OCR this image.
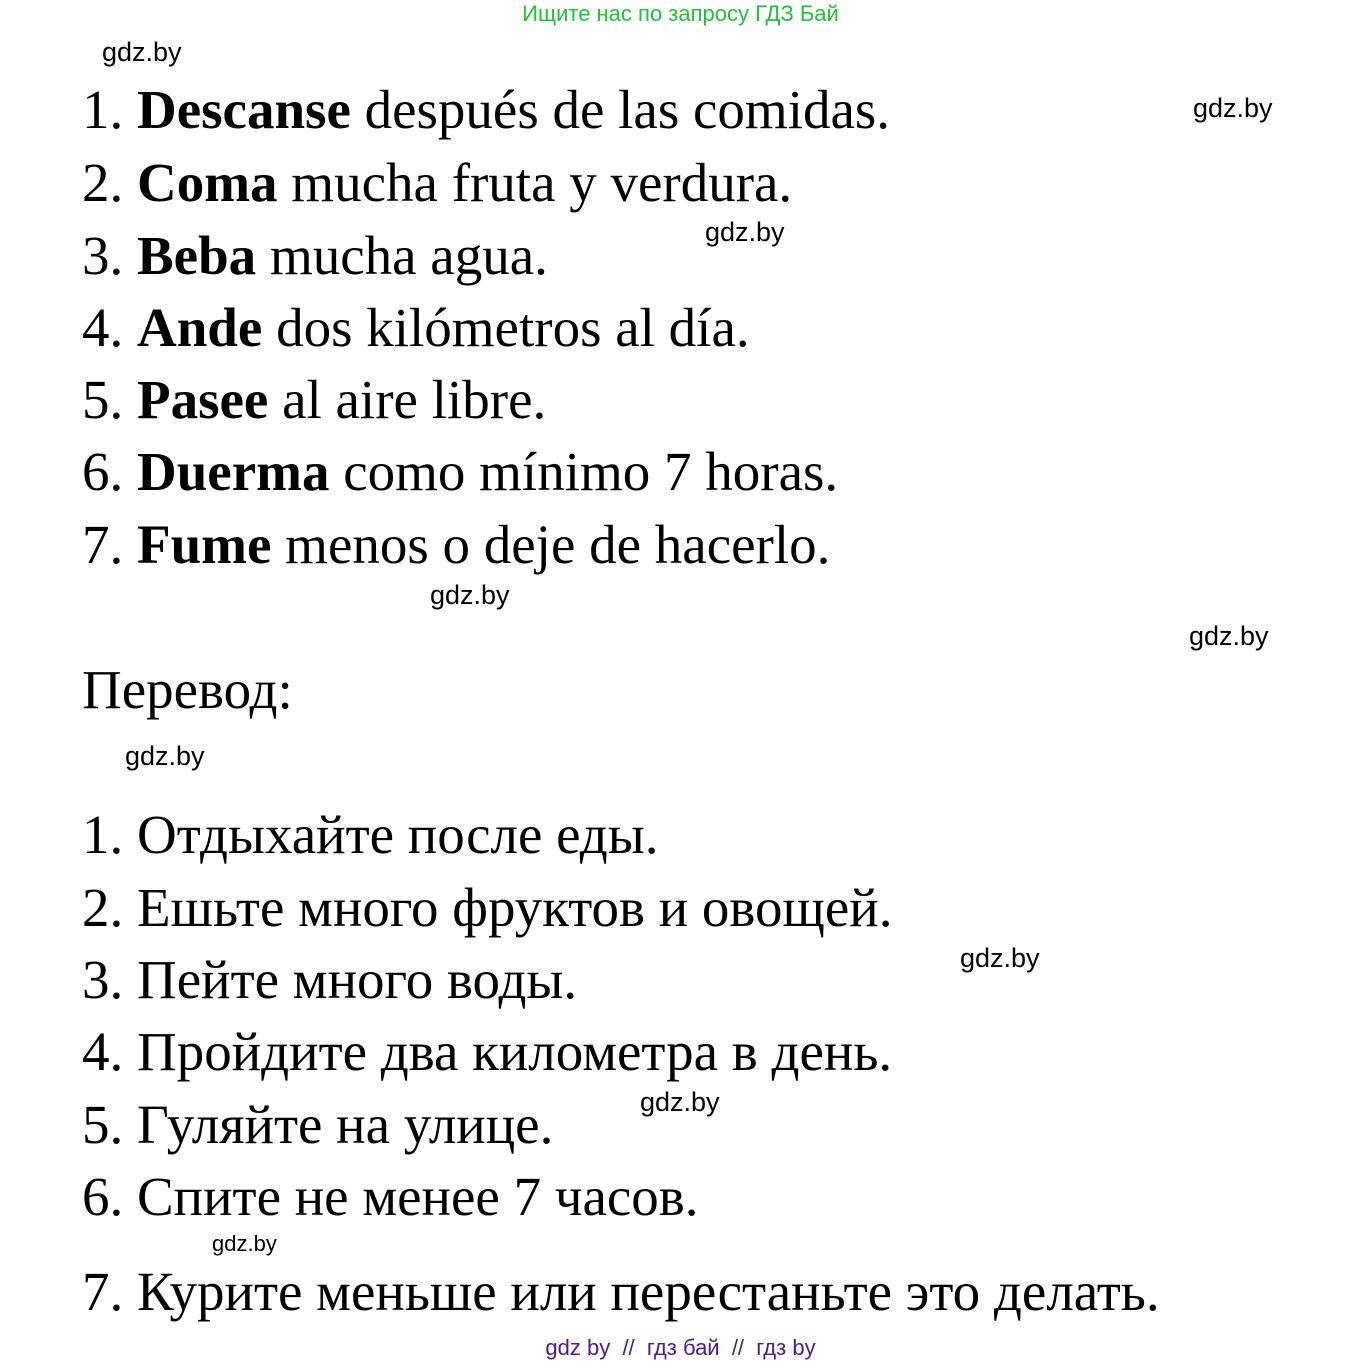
Ищите нас по запросу ГДЗ Бай
1. Descanse después de las comidas.
2. Coma mucha fruta y verdura.
3. Beba mucha agua.
4. Ande dos kilómetros al día.
5. Pasee al aire libre.
6. Duerma como mínimo 7 horas.
7. Fume menos o deje de hacerlo.
Перевод:
1. Отдыхайте после еды.
2. Ешьте много фруктов и овощей.
3. Пейте много воды.
4. Пройдите два километра в день.
5. Гуляйте на улице.
6. Спите не менее 7 часов.
7. Курите меньше или перестаньте это делать.
gdz.by
gdz.by
gdz.by
gdz.by
gdz.by
gdz.by
gdz.by
gdz.by
gdz.by
gdz by  //  гдз бай  //  гдз by
